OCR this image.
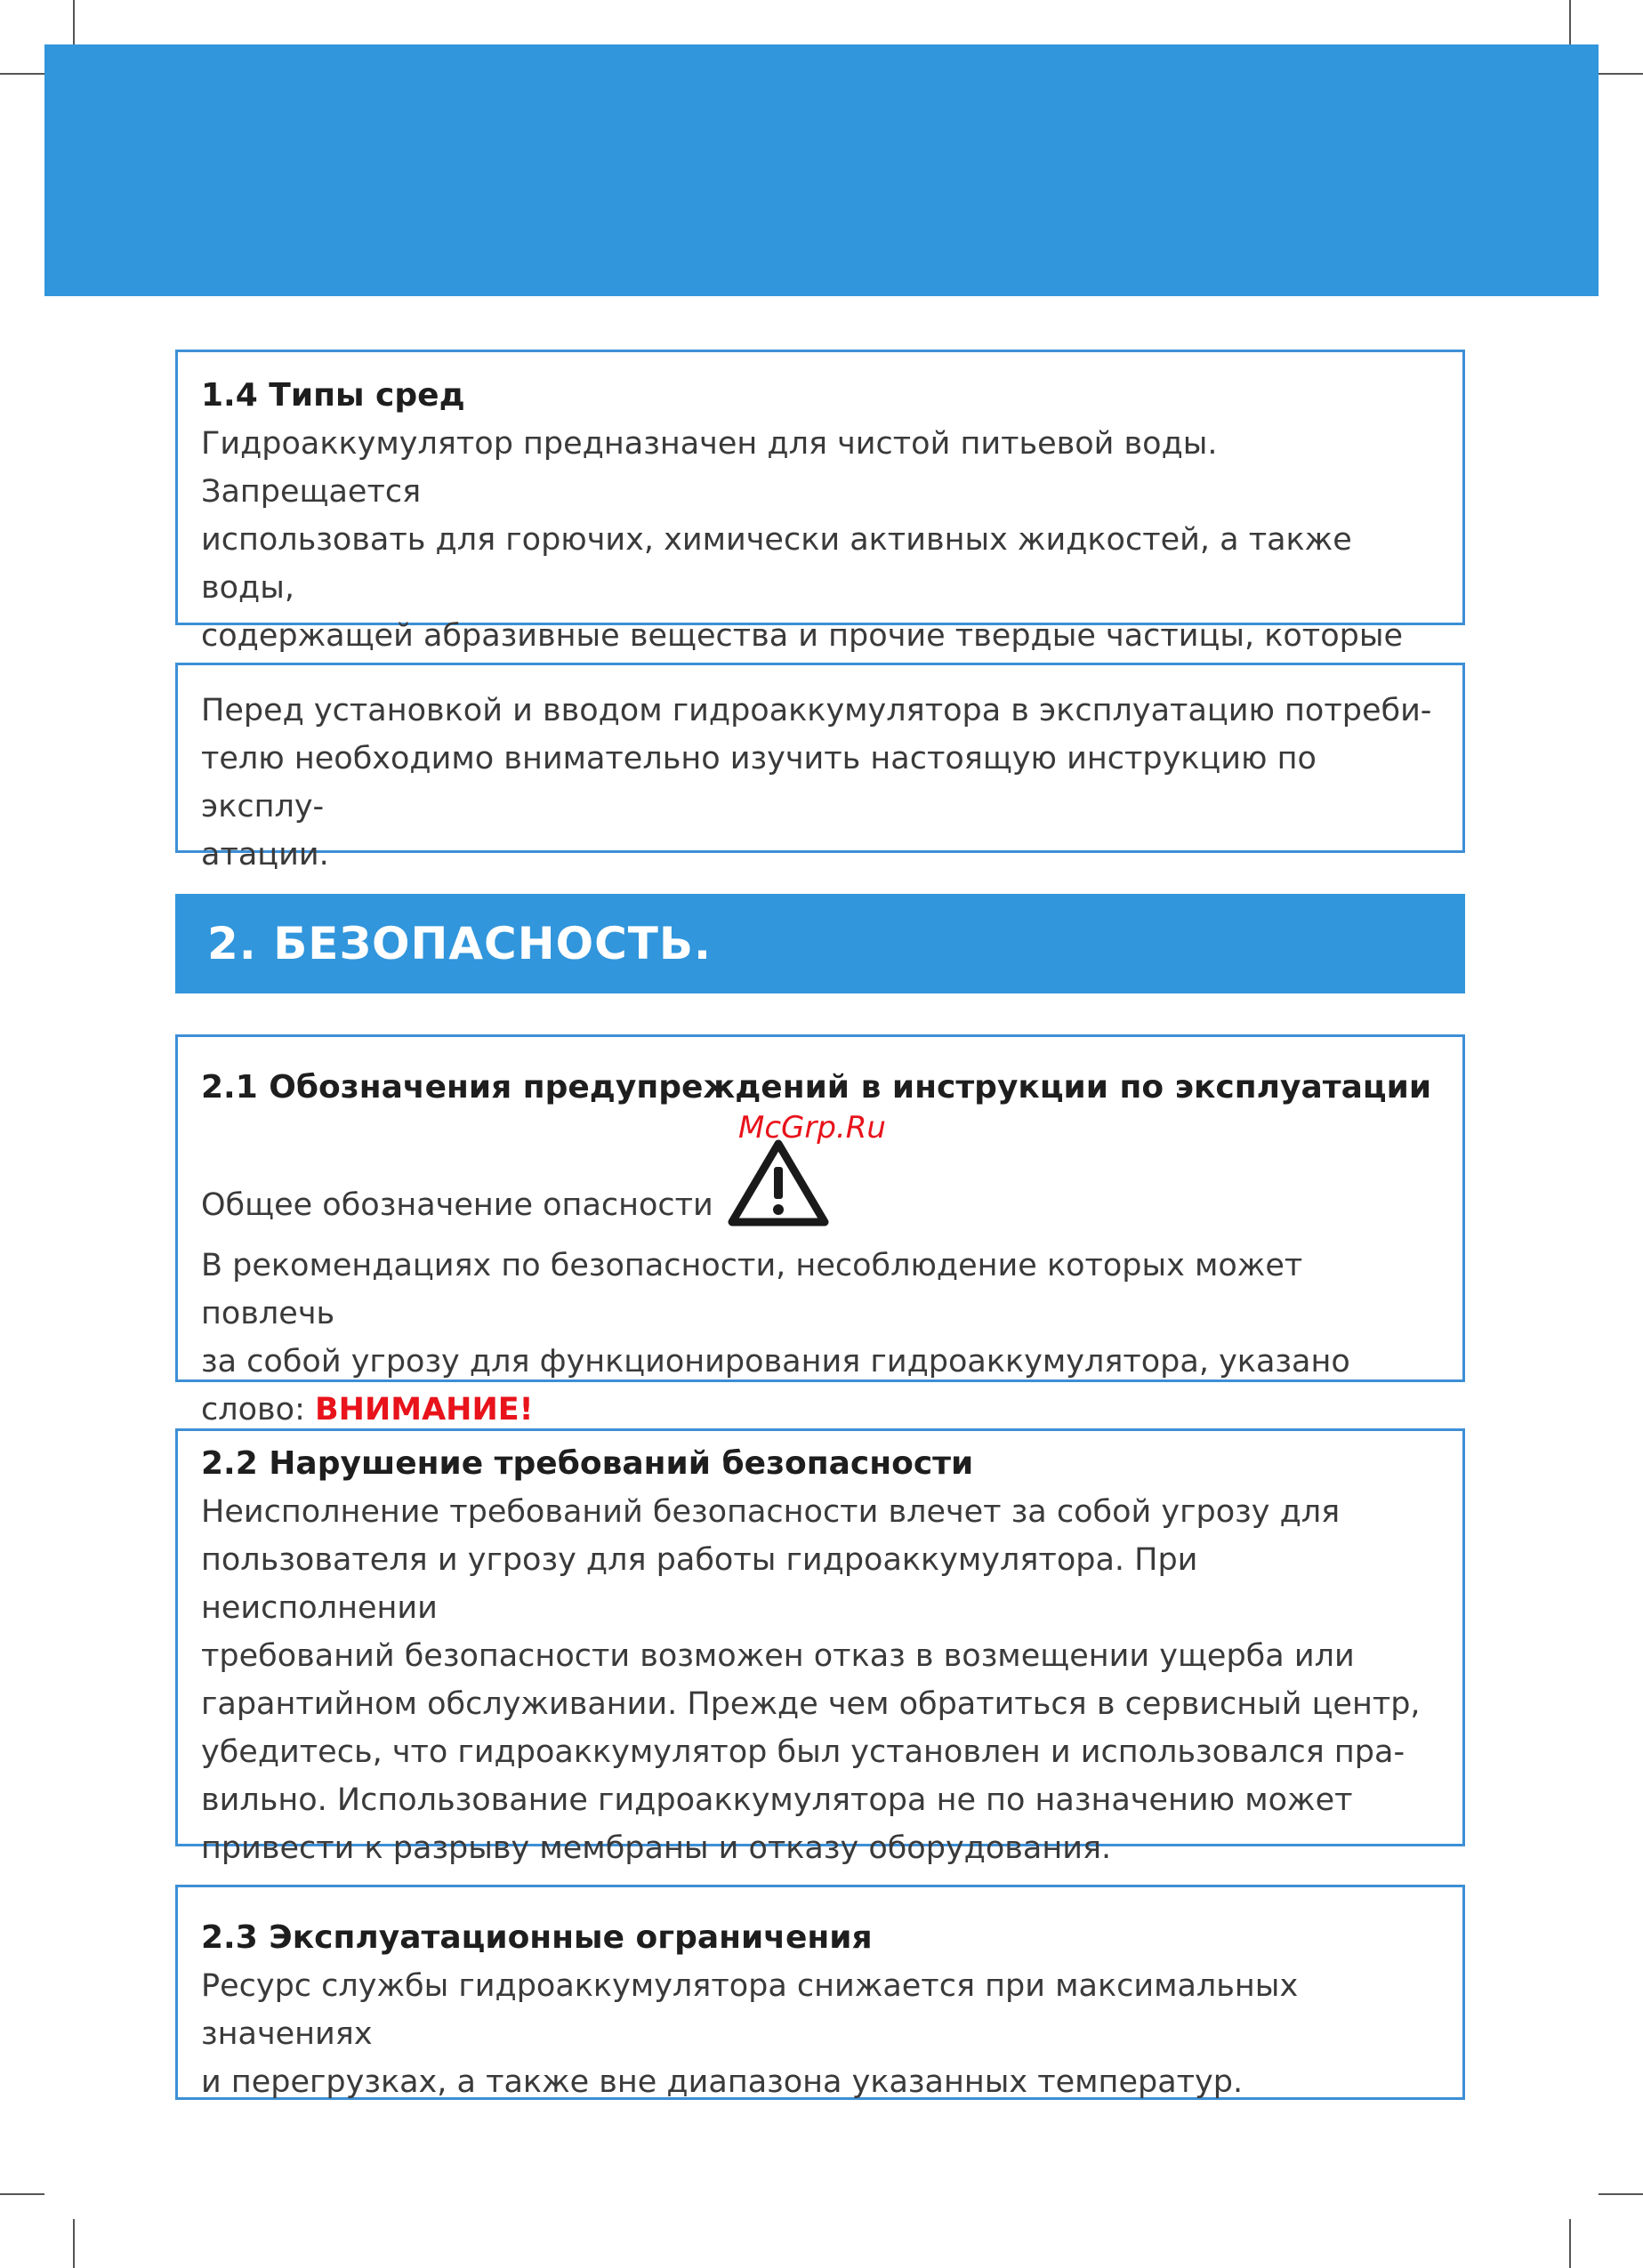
1.4 Типы сред
Гидроаккумулятор предназначен для чистой питьевой воды. Запрещается
использовать для горючих, химически активных жидкостей, а также воды,
содержащей абразивные вещества и прочие твердые частицы, которые
Перед установкой и вводом гидроаккумулятора в эксплуатацию потреби-
телю необходимо внимательно изучить настоящую инструкцию по эксплу-
атации.
2. БЕЗОПАСНОСТЬ.
2.1 Обозначения предупреждений в инструкции по эксплуатации
Общее обозначение опасности
В рекомендациях по безопасности, несоблюдение которых может повлечь
за собой угрозу для функционирования гидроаккумулятора, указано
слово: ВНИМАНИЕ!
McGrp.Ru
2.2 Нарушение требований безопасности
Неисполнение требований безопасности влечет за собой угрозу для
пользователя и угрозу для работы гидроаккумулятора. При неисполнении
требований безопасности возможен отказ в возмещении ущерба или
гарантийном обслуживании. Прежде чем обратиться в сервисный центр,
убедитесь, что гидроаккумулятор был установлен и использовался пра-
вильно. Использование гидроаккумулятора не по назначению может
привести к разрыву мембраны и отказу оборудования.
2.3 Эксплуатационные ограничения
Ресурс службы гидроаккумулятора снижается при максимальных значениях
и перегрузках, а также вне диапазона указанных температур.
